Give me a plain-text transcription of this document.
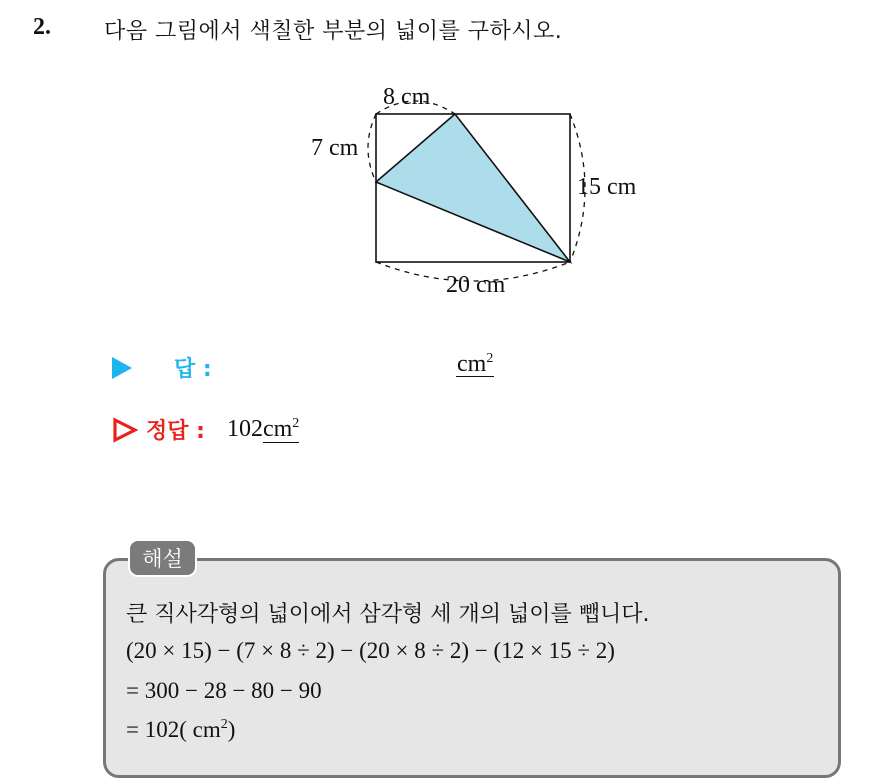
2. 다음 그림에서 색칠한 부분의 넓이를 구하시오.
8 cm
7 cm
15 cm
20 cm
답 :	$cm^2$
정답 : $102cm^2$
해설
큰 직사각형의 넓이에서 삼각형 세 개의 넓이를 뺍니다.
(20 × 15) − (7 × 8 ÷ 2) − (20 × 8 ÷ 2) − (12 × 15 ÷ 2)
= 300 − 28 − 80 − 90
= 102( $cm^2$)
